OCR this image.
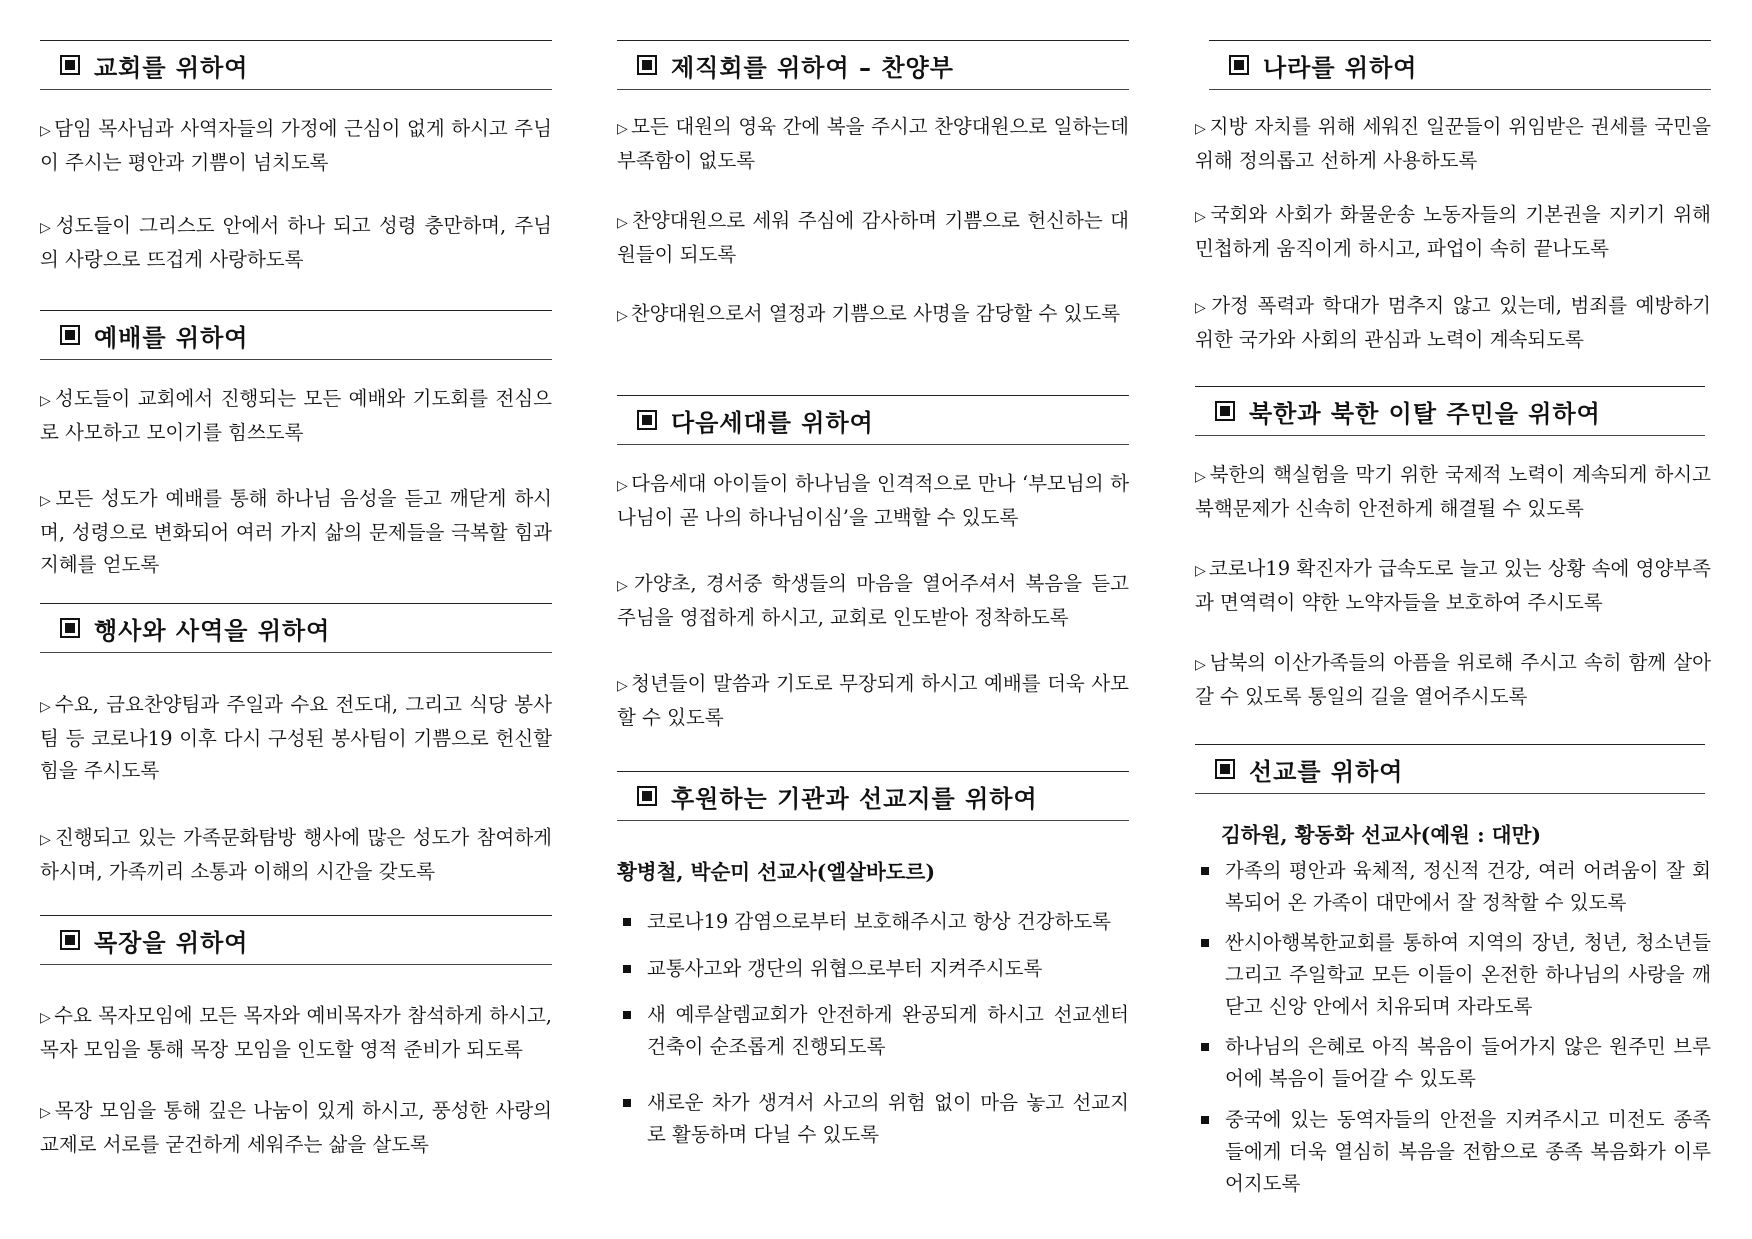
교회를 위하여
▷ 담임 목사님과 사역자들의 가정에 근심이 없게 하시고 주님이 주시는 평안과 기쁨이 넘치도록
▷ 성도들이 그리스도 안에서 하나 되고 성령 충만하며, 주님의 사랑으로 뜨겁게 사랑하도록
예배를 위하여
▷ 성도들이 교회에서 진행되는 모든 예배와 기도회를 전심으로 사모하고 모이기를 힘쓰도록
▷ 모든 성도가 예배를 통해 하나님 음성을 듣고 깨닫게 하시며, 성령으로 변화되어 여러 가지 삶의 문제들을 극복할 힘과 지혜를 얻도록
행사와 사역을 위하여
▷ 수요, 금요찬양팀과 주일과 수요 전도대, 그리고 식당 봉사팀 등 코로나19 이후 다시 구성된 봉사팀이 기쁨으로 헌신할 힘을 주시도록
▷ 진행되고 있는 가족문화탐방 행사에 많은 성도가 참여하게 하시며, 가족끼리 소통과 이해의 시간을 갖도록
목장을 위하여
▷ 수요 목자모임에 모든 목자와 예비목자가 참석하게 하시고, 목자 모임을 통해 목장 모임을 인도할 영적 준비가 되도록
▷ 목장 모임을 통해 깊은 나눔이 있게 하시고, 풍성한 사랑의 교제로 서로를 굳건하게 세워주는 삶을 살도록
제직회를 위하여 – 찬양부
▷ 모든 대원의 영육 간에 복을 주시고 찬양대원으로 일하는데 부족함이 없도록
▷ 찬양대원으로 세워 주심에 감사하며 기쁨으로 헌신하는 대원들이 되도록
▷ 찬양대원으로서 열정과 기쁨으로 사명을 감당할 수 있도록
다음세대를 위하여
▷ 다음세대 아이들이 하나님을 인격적으로 만나 ‘부모님의 하나님이 곧 나의 하나님이심’을 고백할 수 있도록
▷ 가양초, 경서중 학생들의 마음을 열어주셔서 복음을 듣고 주님을 영접하게 하시고, 교회로 인도받아 정착하도록
▷ 청년들이 말씀과 기도로 무장되게 하시고 예배를 더욱 사모할 수 있도록
후원하는 기관과 선교지를 위하여
황병철, 박순미 선교사(엘살바도르)
코로나19 감염으로부터 보호해주시고 항상 건강하도록
교통사고와 갱단의 위협으로부터 지켜주시도록
새 예루살렘교회가 안전하게 완공되게 하시고 선교센터 건축이 순조롭게 진행되도록
새로운 차가 생겨서 사고의 위험 없이 마음 놓고 선교지로 활동하며 다닐 수 있도록
나라를 위하여
▷ 지방 자치를 위해 세워진 일꾼들이 위임받은 권세를 국민을 위해 정의롭고 선하게 사용하도록
▷ 국회와 사회가 화물운송 노동자들의 기본권을 지키기 위해 민첩하게 움직이게 하시고, 파업이 속히 끝나도록
▷ 가정 폭력과 학대가 멈추지 않고 있는데, 범죄를 예방하기 위한 국가와 사회의 관심과 노력이 계속되도록
북한과 북한 이탈 주민을 위하여
▷ 북한의 핵실험을 막기 위한 국제적 노력이 계속되게 하시고 북핵문제가 신속히 안전하게 해결될 수 있도록
▷ 코로나19 확진자가 급속도로 늘고 있는 상황 속에 영양부족과 면역력이 약한 노약자들을 보호하여 주시도록
▷ 남북의 이산가족들의 아픔을 위로해 주시고 속히 함께 살아갈 수 있도록 통일의 길을 열어주시도록
선교를 위하여
김하원, 황동화 선교사(예원 : 대만)
가족의 평안과 육체적, 정신적 건강, 여러 어려움이 잘 회복되어 온 가족이 대만에서 잘 정착할 수 있도록
싼시아행복한교회를 통하여 지역의 장년, 청년, 청소년들 그리고 주일학교 모든 이들이 온전한 하나님의 사랑을 깨닫고 신앙 안에서 치유되며 자라도록
하나님의 은혜로 아직 복음이 들어가지 않은 원주민 브루어에 복음이 들어갈 수 있도록
중국에 있는 동역자들의 안전을 지켜주시고 미전도 종족들에게 더욱 열심히 복음을 전함으로 종족 복음화가 이루어지도록
